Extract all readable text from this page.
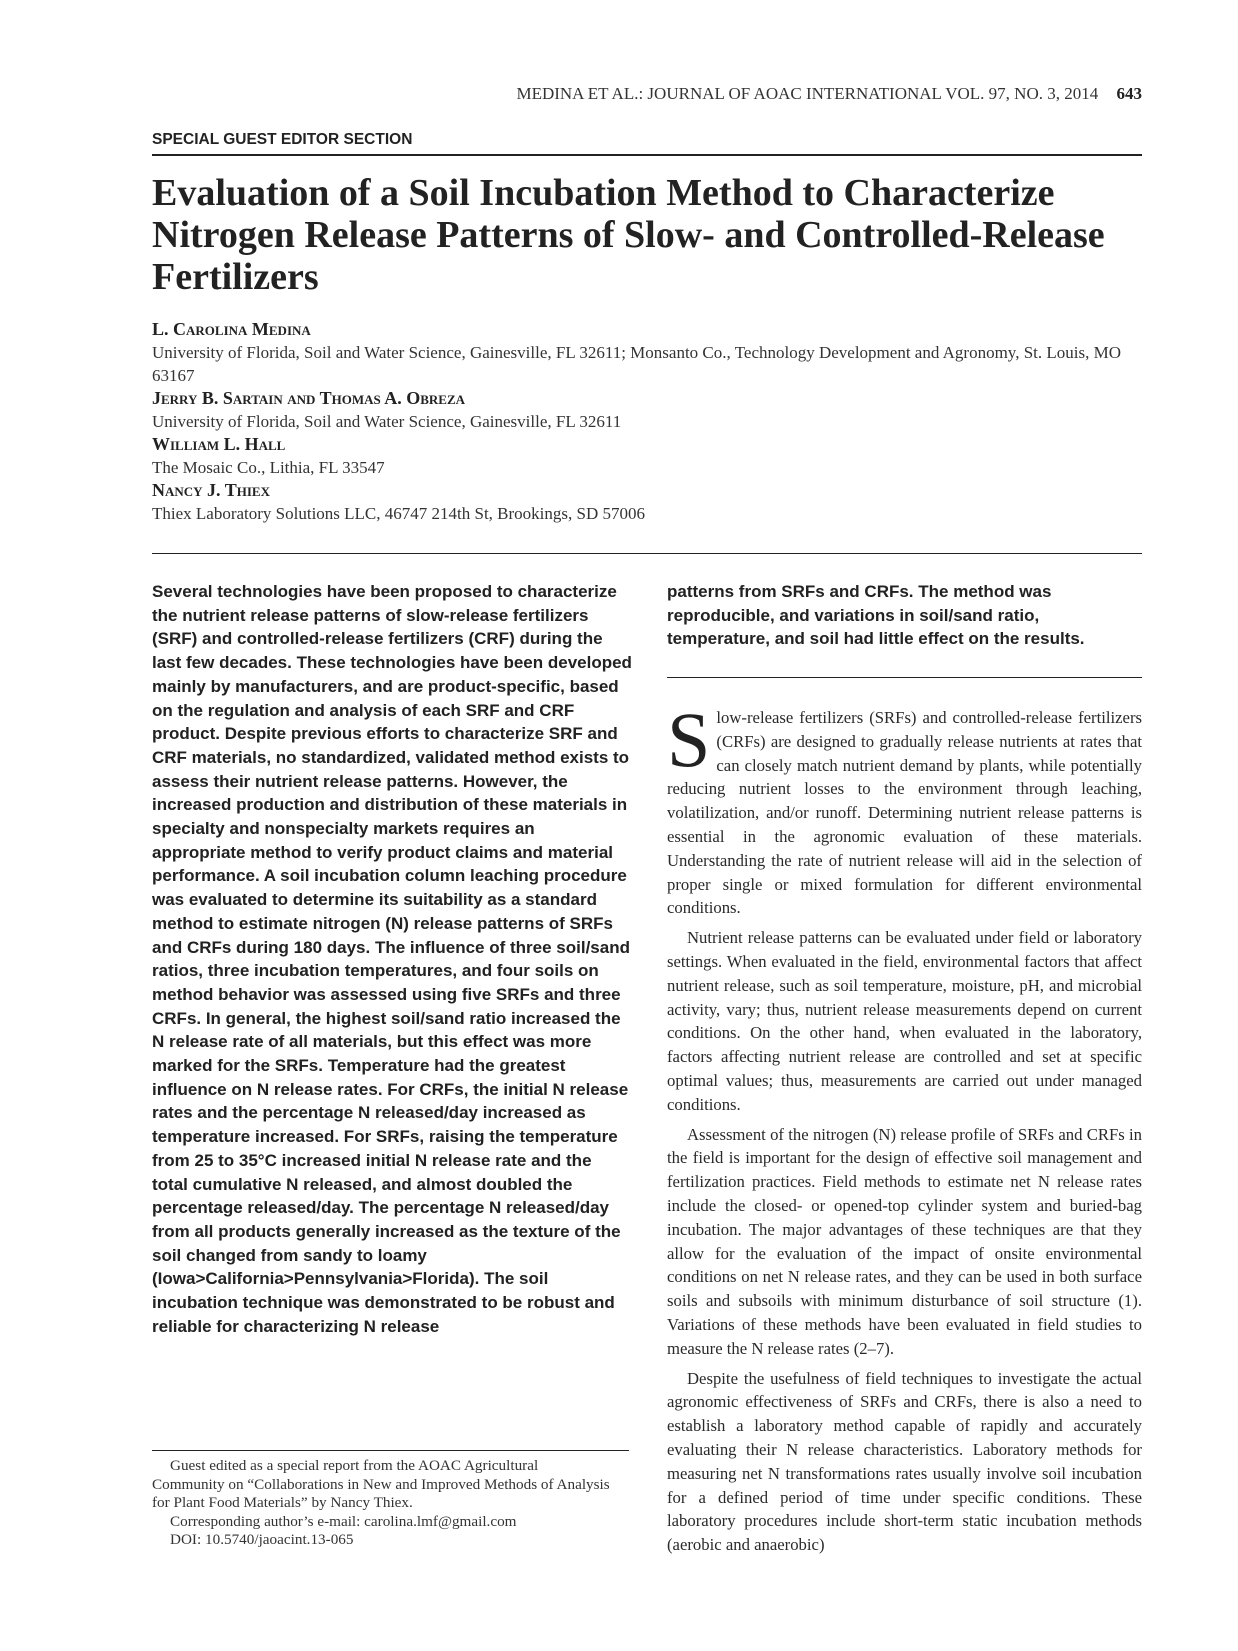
MEDINA ET AL.: JOURNAL OF AOAC INTERNATIONAL VOL. 97, NO. 3, 2014 643
SPECIAL GUEST EDITOR SECTION
Evaluation of a Soil Incubation Method to Characterize Nitrogen Release Patterns of Slow- and Controlled-Release Fertilizers
L. Carolina Medina
University of Florida, Soil and Water Science, Gainesville, FL 32611; Monsanto Co., Technology Development and Agronomy, St. Louis, MO 63167
Jerry B. Sartain and Thomas A. Obreza
University of Florida, Soil and Water Science, Gainesville, FL 32611
William L. Hall
The Mosaic Co., Lithia, FL 33547
Nancy J. Thiex
Thiex Laboratory Solutions LLC, 46747 214th St, Brookings, SD 57006
Several technologies have been proposed to characterize the nutrient release patterns of slow-release fertilizers (SRF) and controlled-release fertilizers (CRF) during the last few decades. These technologies have been developed mainly by manufacturers, and are product-specific, based on the regulation and analysis of each SRF and CRF product. Despite previous efforts to characterize SRF and CRF materials, no standardized, validated method exists to assess their nutrient release patterns. However, the increased production and distribution of these materials in specialty and nonspecialty markets requires an appropriate method to verify product claims and material performance. A soil incubation column leaching procedure was evaluated to determine its suitability as a standard method to estimate nitrogen (N) release patterns of SRFs and CRFs during 180 days. The influence of three soil/sand ratios, three incubation temperatures, and four soils on method behavior was assessed using five SRFs and three CRFs. In general, the highest soil/sand ratio increased the N release rate of all materials, but this effect was more marked for the SRFs. Temperature had the greatest influence on N release rates. For CRFs, the initial N release rates and the percentage N released/day increased as temperature increased. For SRFs, raising the temperature from 25 to 35°C increased initial N release rate and the total cumulative N released, and almost doubled the percentage released/day. The percentage N released/day from all products generally increased as the texture of the soil changed from sandy to loamy (Iowa>California>Pennsylvania>Florida). The soil incubation technique was demonstrated to be robust and reliable for characterizing N release
patterns from SRFs and CRFs. The method was reproducible, and variations in soil/sand ratio, temperature, and soil had little effect on the results.

Slow-release fertilizers (SRFs) and controlled-release fertilizers (CRFs) are designed to gradually release nutrients at rates that can closely match nutrient demand by plants, while potentially reducing nutrient losses to the environment through leaching, volatilization, and/or runoff. Determining nutrient release patterns is essential in the agronomic evaluation of these materials. Understanding the rate of nutrient release will aid in the selection of proper single or mixed formulation for different environmental conditions.

Nutrient release patterns can be evaluated under field or laboratory settings. When evaluated in the field, environmental factors that affect nutrient release, such as soil temperature, moisture, pH, and microbial activity, vary; thus, nutrient release measurements depend on current conditions. On the other hand, when evaluated in the laboratory, factors affecting nutrient release are controlled and set at specific optimal values; thus, measurements are carried out under managed conditions.

Assessment of the nitrogen (N) release profile of SRFs and CRFs in the field is important for the design of effective soil management and fertilization practices. Field methods to estimate net N release rates include the closed- or opened-top cylinder system and buried-bag incubation. The major advantages of these techniques are that they allow for the evaluation of the impact of onsite environmental conditions on net N release rates, and they can be used in both surface soils and subsoils with minimum disturbance of soil structure (1). Variations of these methods have been evaluated in field studies to measure the N release rates (2–7).

Despite the usefulness of field techniques to investigate the actual agronomic effectiveness of SRFs and CRFs, there is also a need to establish a laboratory method capable of rapidly and accurately evaluating their N release characteristics. Laboratory methods for measuring net N transformations rates usually involve soil incubation for a defined period of time under specific conditions. These laboratory procedures include short-term static incubation methods (aerobic and anaerobic)

Guest edited as a special report from the AOAC Agricultural Community on “Collaborations in New and Improved Methods of Analysis for Plant Food Materials” by Nancy Thiex.

Corresponding author’s e-mail: carolina.lmf@gmail.com

DOI: 10.5740/jaoacint.13-065
